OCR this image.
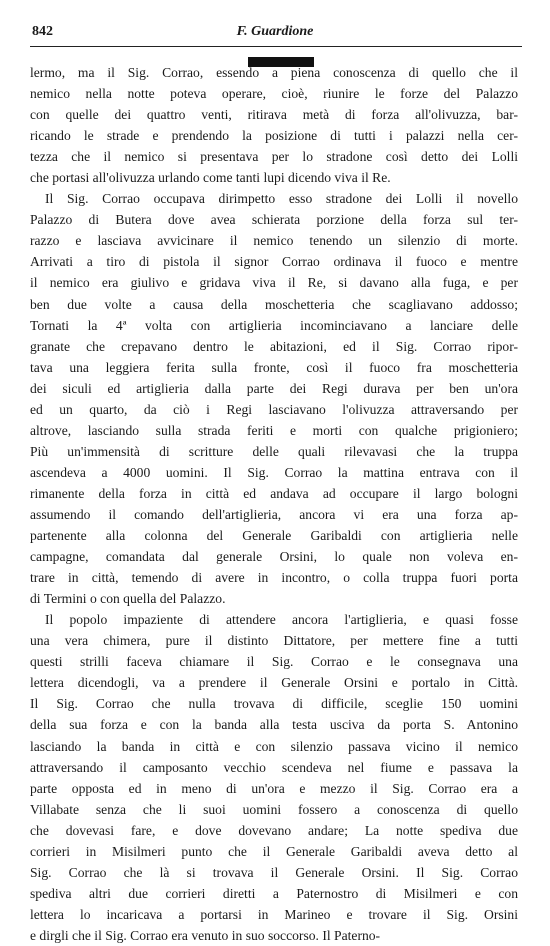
842	F. Guardione

lermo, ma il Sig. Corrao, essendo a piena conoscenza di quello che il
nemico nella notte poteva operare, cioè, riunire le forze del Palazzo
con quelle dei quattro venti, ritirava metà di forza all'olivuzza, bar-
ricando le strade e prendendo la posizione di tutti i palazzi nella cer-
tezza che il nemico si presentava per lo stradone così detto dei Lolli
che portasi all'olivuzza urlando come tanti lupi dicendo viva il Re.

Il Sig. Corrao occupava dirimpetto esso stradone dei Lolli il novello
Palazzo di Butera dove avea schierata porzione della forza sul ter-
razzo e lasciava avvicinare il nemico tenendo un silenzio di morte.
Arrivati a tiro di pistola il signor Corrao ordinava il fuoco e mentre
il nemico era giulivo e gridava viva il Re, si davano alla fuga, e per
ben due volte a causa della moschetteria che scagliavano addosso;
Tornati la 4ª volta con artiglieria incominciavano a lanciare delle
granate che crepavano dentro le abitazioni, ed il Sig. Corrao ripor-
tava una leggiera ferita sulla fronte, così il fuoco fra moschetteria
dei siculi ed artiglieria dalla parte dei Regi durava per ben un'ora
ed un quarto, da ciò i Regi lasciavano l'olivuzza attraversando per
altrove, lasciando sulla strada feriti e morti con qualche prigioniero;
Più un'immensità di scritture delle quali rilevavasi che la truppa
ascendeva a 4000 uomini. Il Sig. Corrao la mattina entrava con il
rimanente della forza in città ed andava ad occupare il largo bologni
assumendo il comando dell'artiglieria, ancora vi era una forza ap-
partenente alla colonna del Generale Garibaldi con artiglieria nelle
campagne, comandata dal generale Orsini, lo quale non voleva en-
trare in città, temendo di avere in incontro, o colla truppa fuori porta
di Termini o con quella del Palazzo.

Il popolo impaziente di attendere ancora l'artiglieria, e quasi fosse
una vera chimera, pure il distinto Dittatore, per mettere fine a tutti
questi strilli faceva chiamare il Sig. Corrao e le consegnava una
lettera dicendogli, va a prendere il Generale Orsini e portalo in Città.
Il Sig. Corrao che nulla trovava di difficile, sceglie 150 uomini
della sua forza e con la banda alla testa usciva da porta S. Antonino
lasciando la banda in città e con silenzio passava vicino il nemico
attraversando il camposanto vecchio scendeva nel fiume e passava la
parte opposta ed in meno di un'ora e mezzo il Sig. Corrao era a
Villabate senza che li suoi uomini fossero a conoscenza di quello
che dovevasi fare, e dove dovevano andare; La notte spediva due
corrieri in Misilmeri punto che il Generale Garibaldi aveva detto al
Sig. Corrao che là si trovava il Generale Orsini. Il Sig. Corrao
spediva altri due corrieri diretti a Paternostro di Misilmeri e con
lettera lo incaricava a portarsi in Marineo e trovare il Sig. Orsini
e dirgli che il Sig. Corrao era venuto in suo soccorso. Il Paterno-
